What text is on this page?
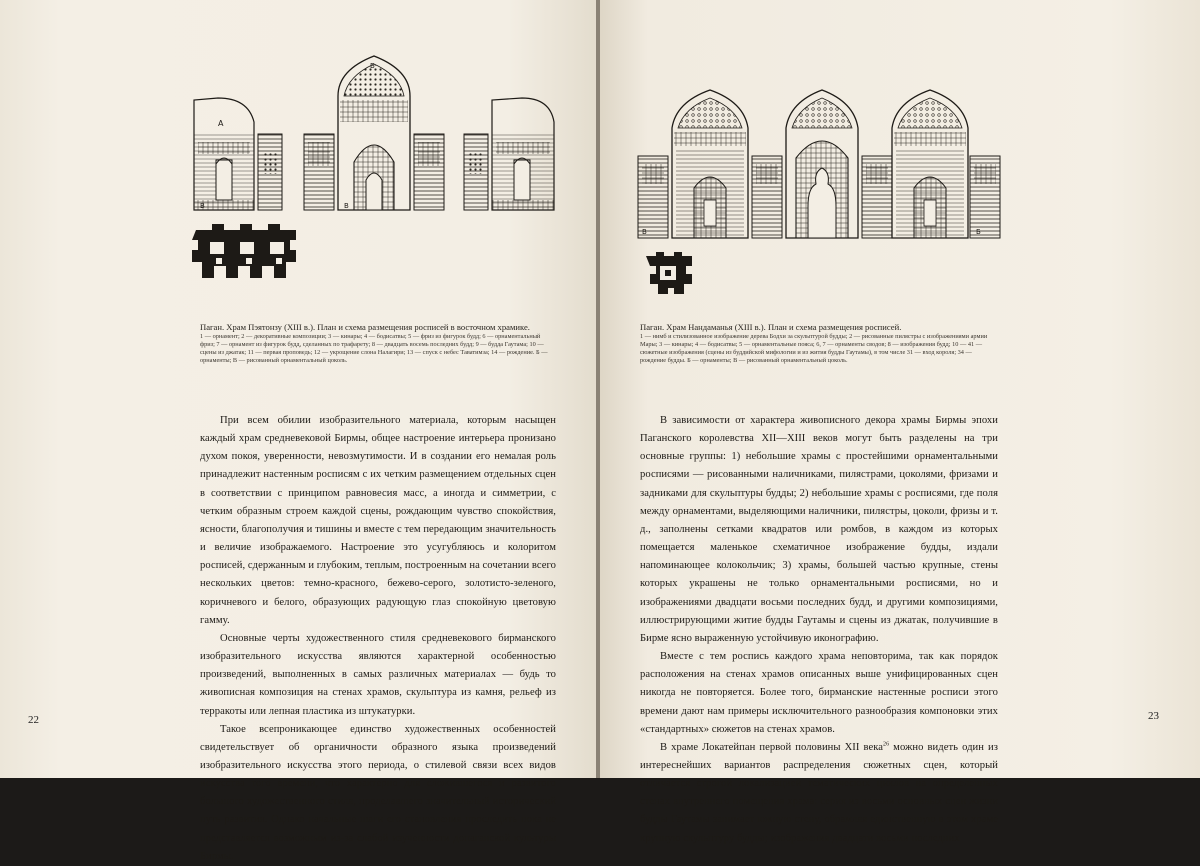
A
В
Б
В
Паган. Храм Пэятонзу (XIII в.). План и схема размещения росписей в восточном храмике.
1 — орнамент; 2 — декоративные композиции; 3 — кинары; 4 — бодисатвы; 5 — фриз из фигурок будд; 6 — орнаментальный фриз; 7 — орнамент из фигурок будд, сделанных по трафарету; 8 — двадцать восемь последних будд; 9 — будда Гаутама; 10 — сцены из джатак; 11 — первая проповедь; 12 — укрощение слона Налагири; 13 — спуск с небес Таватимза; 14 — рождение. Б — орнаменты; В — рисованный орнаментальный цоколь.

При всем обилии изобразительного материала, которым насыщен каждый храм средневековой Бирмы, общее настроение интерьера пронизано духом покоя, уверенности, невозмутимости. И в создании его немалая роль принадлежит настенным росписям с их четким размещением отдельных сцен в соответствии с принципом равновесия масс, а иногда и симметрии, с четким образным строем каждой сцены, рождающим чувство спокойствия, ясности, благополучия и тишины и вместе с тем передающим значительность и величие изображаемого. Настроение это усугубляюсь и колоритом росписей, сдержанным и глубоким, теплым, построенным на сочетании всего нескольких цветов: темно-красного, бежево-серого, золотисто-зеленого, коричневого и белого, образующих радующую глаз спокойную цветовую гамму.

Основные черты художественного стиля средневекового бирманского изобразительного искусства являются характерной особенностью произведений, выполненных в самых различных материалах — будь то живописная композиция на стенах храмов, скульптура из камня, рельеф из терракоты или лепная пластика из штукатурки.

Такое всепроникающее единство художественных особенностей свидетельствует об органичности образного языка произведений изобразительного искусства этого периода, о стилевой связи всех видов искусства того времени, что характерно для сложившегося и развитого большого художественного стиля, проделавшего значительный исторический путь развития. Однако начальные шаги его становления проследить пока не представляется возможным из-за слабой изученности допаганской культуры Бирмы.

22
В	Б
Паган. Храм Нандаманья (XIII в.). План и схема размещения росписей.
1 — нимб и стилизованное изображение дерева Бодхи за скульптурой будды; 2 — рисованные пилястры с изображениями армии Мары; 3 — кинары; 4 — бодисатвы; 5 — орнаментальные пояса; 6, 7 — орнаменты сводов; 8 — изображения будд; 10 — 41 — сюжетные изображения (сцены из буддийской мифологии и из жития будды Гаутамы), в том числе 31 — вход короля; 34 — рождение будды. Б — орнаменты; В — рисованный орнаментальный цоколь.

В зависимости от характера живописного декора храмы Бирмы эпохи Паганского королевства XII—XIII веков могут быть разделены на три основные группы: 1) небольшие храмы с простейшими орнаментальными росписями — рисованными наличниками, пилястрами, цоколями, фризами и задниками для скульптуры будды; 2) небольшие храмы с росписями, где поля между орнаментами, выделяющими наличники, пилястры, цоколи, фризы и т. д., заполнены сетками квадратов или ромбов, в каждом из которых помещается маленькое схематичное изображение будды, издали напоминающее колокольчик; 3) храмы, большей частью крупные, стены которых украшены не только орнаментальными росписями, но и изображениями двадцати восьми последних будд, и другими композициями, иллюстрирующими житие будды Гаутамы и сцены из джатак, получившие в Бирме ясно выраженную устойчивую иконографию.

Вместе с тем роспись каждого храма неповторима, так как порядок расположения на стенах храмов описанных выше унифицированных сцен никогда не повторяется. Более того, бирманские настенные росписи этого времени дают нам примеры исключительного разнообразия компоновки этих «стандартных» сюжетов на стенах храмов.

В храме Локатейпан первой половины XII века$^{26}$ можно видеть один из интереснейших вариантов распределения сюжетных сцен, который отличается строгой локализацией тематических циклов на определенных стенах внутреннего помещения храма: серия из восьми основных сцен жизни будды Гаутамы занимает южную стену, обрамляя единственную в этом храме крупную скульптуру будды; изображения двадцати восьми последних

23
